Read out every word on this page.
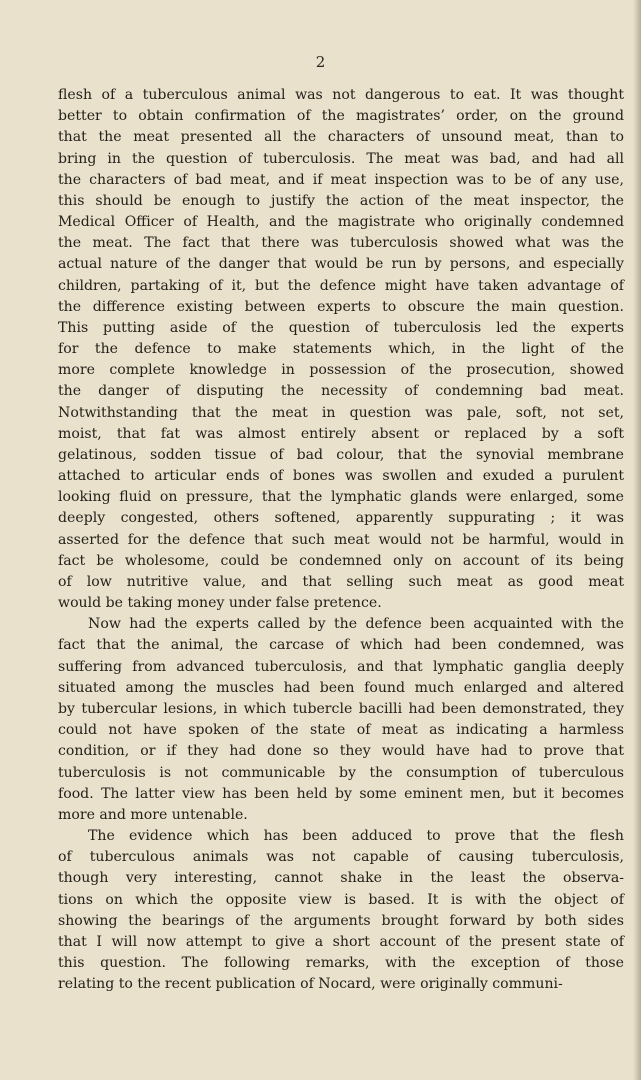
2
flesh of a tuberculous animal was not dangerous to eat. It was thought
better to obtain confirmation of the magistrates’ order, on the ground
that the meat presented all the characters of unsound meat, than to
bring in the question of tuberculosis. The meat was bad, and had all
the characters of bad meat, and if meat inspection was to be of any use,
this should be enough to justify the action of the meat inspector, the
Medical Officer of Health, and the magistrate who originally condemned
the meat. The fact that there was tuberculosis showed what was the
actual nature of the danger that would be run by persons, and especially
children, partaking of it, but the defence might have taken advantage of
the difference existing between experts to obscure the main question.
This putting aside of the question of tuberculosis led the experts
for the defence to make statements which, in the light of the
more complete knowledge in possession of the prosecution, showed
the danger of disputing the necessity of condemning bad meat.
Notwithstanding that the meat in question was pale, soft, not set,
moist, that fat was almost entirely absent or replaced by a soft
gelatinous, sodden tissue of bad colour, that the synovial membrane
attached to articular ends of bones was swollen and exuded a purulent
looking fluid on pressure, that the lymphatic glands were enlarged, some
deeply congested, others softened, apparently suppurating ; it was
asserted for the defence that such meat would not be harmful, would in
fact be wholesome, could be condemned only on account of its being
of low nutritive value, and that selling such meat as good meat
would be taking money under false pretence.
Now had the experts called by the defence been acquainted with the
fact that the animal, the carcase of which had been condemned, was
suffering from advanced tuberculosis, and that lymphatic ganglia deeply
situated among the muscles had been found much enlarged and altered
by tubercular lesions, in which tubercle bacilli had been demonstrated, they
could not have spoken of the state of meat as indicating a harmless
condition, or if they had done so they would have had to prove that
tuberculosis is not communicable by the consumption of tuberculous
food. The latter view has been held by some eminent men, but it becomes
more and more untenable.
The evidence which has been adduced to prove that the flesh
of tuberculous animals was not capable of causing tuberculosis,
though very interesting, cannot shake in the least the observa-
tions on which the opposite view is based. It is with the object of
showing the bearings of the arguments brought forward by both sides
that I will now attempt to give a short account of the present state of
this question. The following remarks, with the exception of those
relating to the recent publication of Nocard, were originally communi-
